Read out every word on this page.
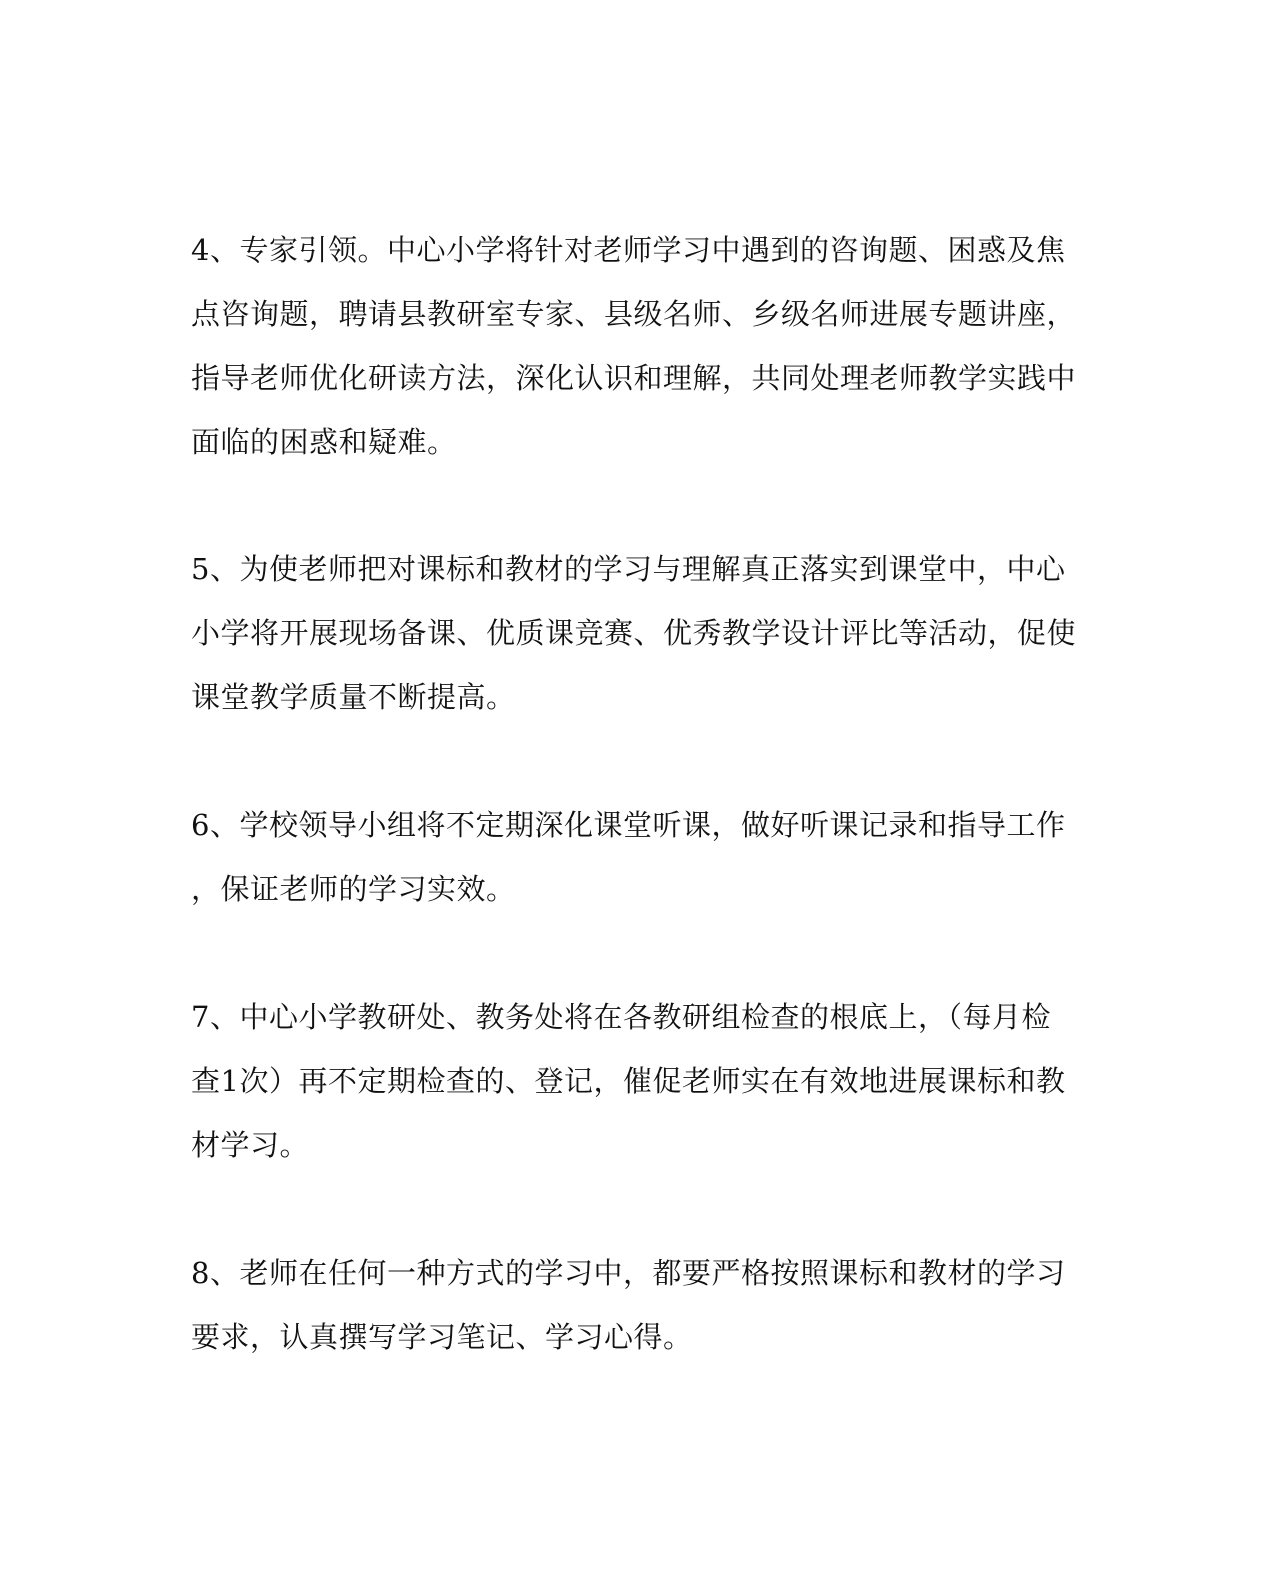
4、专家引领。中心小学将针对老师学习中遇到的咨询题、困惑及焦
点咨询题，聘请县教研室专家、县级名师、乡级名师进展专题讲座，
指导老师优化研读方法，深化认识和理解，共同处理老师教学实践中
面临的困惑和疑难。

5、为使老师把对课标和教材的学习与理解真正落实到课堂中，中心
小学将开展现场备课、优质课竞赛、优秀教学设计评比等活动，促使
课堂教学质量不断提高。

6、学校领导小组将不定期深化课堂听课，做好听课记录和指导工作
，保证老师的学习实效。

7、中心小学教研处、教务处将在各教研组检查的根底上，（每月检
查1次）再不定期检查的、登记，催促老师实在有效地进展课标和教
材学习。

8、老师在任何一种方式的学习中，都要严格按照课标和教材的学习
要求，认真撰写学习笔记、学习心得。
